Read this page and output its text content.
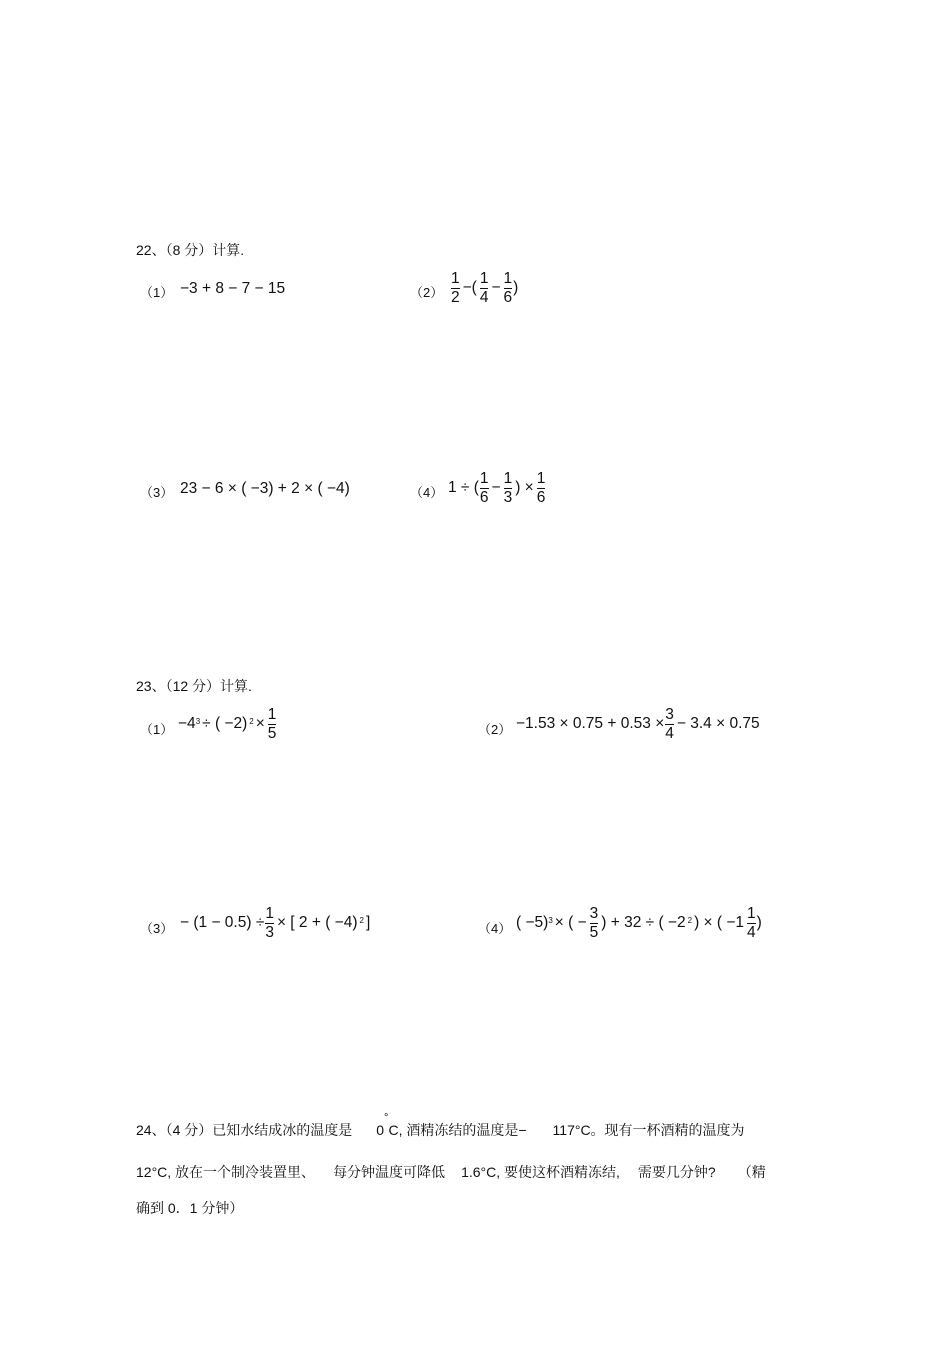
22、（8 分）计算.
（1） −3 + 8 − 7 − 15	$(2) \frac{1}{2}$ −( $\frac{1}{4} - \frac{1}{6}$ )
（3） 23 − 6 × ( −3) + 2 × ( −4)	（4） 1 ÷ ( $\frac{1}{6} - \frac{1}{3}$ ) × $\frac{1}{6}$
23、（12 分）计算.
$(1) -4^3$ ÷ ( −2) $^2 \times \frac{1}{5}$	$(2) -1.53 \times 0.75 + 0.53 \times \frac{3}{4} - 3.4 \times 0.75$
$(3) - (1 - 0.5) \div \frac{1}{3}$ × [ 2 + ( −4) $^2$ ]	（4） ( −5)$^3$ × ( − $\frac{3}{5}$ ) + 32 ÷ ( −2 $^2$ ) × ( $-1 \frac{1}{4}$ )
24、（4 分）已知水结成冰的温度是 0°C, 酒精冻结的温度是− 117°C。现有一杯酒精的温度为
12°C, 放在一个制冷装置里、 每分钟温度可降低 1.6°C, 要使这杯酒精冻结, 需要几分钟? （精
确到 0．1 分钟）
